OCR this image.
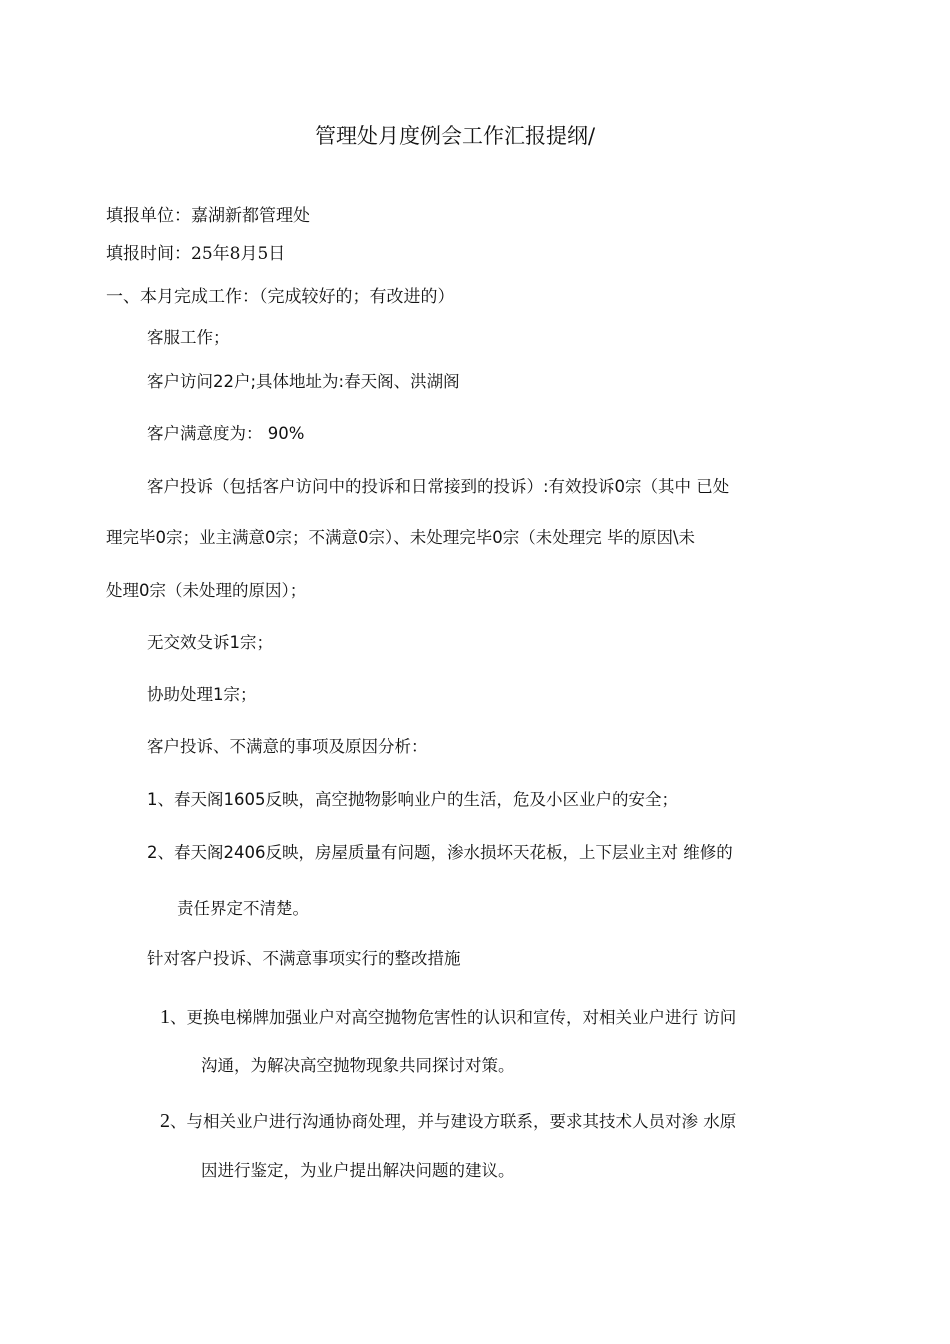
管理处月度例会工作汇报提纲/
填报单位：嘉湖新都管理处
填报时间：25年8月5日
一、本月完成工作：（完成较好的；有改进的）
客服工作；
客户访问22户;具体地址为:春天阁、洪湖阁
客户满意度为： 90%
客户投诉（包括客户访问中的投诉和日常接到的投诉）:有效投诉0宗（其中 已处
理完毕0宗；业主满意0宗；不满意0宗）、未处理完毕0宗（未处理完 毕的原因\未
处理0宗（未处理的原因）；
无交效殳诉1宗；
协助处理1宗；
客户投诉、不满意的事项及原因分析：
1、春天阁1605反映，高空抛物影响业户的生活，危及小区业户的安全；
2、春天阁2406反映，房屋质量有问题，渗水损坏天花板，上下层业主对 维修的
责任界定不清楚。
针对客户投诉、不满意事项实行的整改措施
1、更换电梯牌加强业户对高空抛物危害性的认识和宣传，对相关业户进行 访问
沟通，为解决高空抛物现象共同探讨对策。
2、与相关业户进行沟通协商处理，并与建设方联系，要求其技术人员对渗 水原
因进行鉴定，为业户提出解决问题的建议。
